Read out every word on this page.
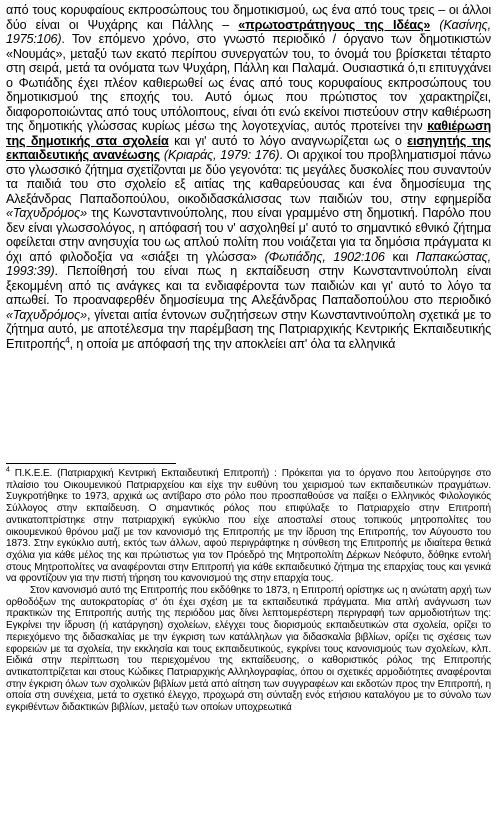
από τους κορυφαίους εκπροσώπους του δημοτικισμού, ως ένα από τους τρεις – οι άλλοι δύο είναι οι Ψυχάρης και Πάλλης – «πρωτοστράτηγους της Ιδέας» (Κασίνης, 1975:106). Τον επόμενο χρόνο, στο γνωστό περιοδικό / όργανο των δημοτικιστών «Νουμάς», μεταξύ των εκατό περίπου συνεργατών του, το όνομά του βρίσκεται τέταρτο στη σειρά, μετά τα ονόματα των Ψυχάρη, Πάλλη και Παλαμά. Ουσιαστικά ό,τι επιτυγχάνει ο Φωτιάδης έχει πλέον καθιερωθεί ως ένας από τους κορυφαίους εκπροσώπους του δημοτικισμού της εποχής του. Αυτό όμως που πρώτιστος τον χαρακτηρίζει, διαφοροποιώντας από τους υπόλοιπους, είναι ότι ενώ εκείνοι πιστεύουν στην καθιέρωση της δημοτικής γλώσσας κυρίως μέσω της λογοτεχνίας, αυτός προτείνει την καθιέρωση της δημοτικής στα σχολεία και γι' αυτό το λόγο αναγνωρίζεται ως ο εισηγητής της εκπαιδευτικής ανανέωσης (Κριαράς, 1979: 176). Οι αρχικοί του προβληματισμοί πάνω στο γλωσσικό ζήτημα σχετίζονται με δύο γεγονότα: τις μεγάλες δυσκολίες που συναντούν τα παιδιά του στο σχολείο εξ αιτίας της καθαρεύουσας και ένα δημοσίευμα της Αλεξάνδρας Παπαδοπούλου, οικοδιδασκάλισσας των παιδιών του, στην εφημερίδα «Ταχυδρόμος» της Κωνσταντινούπολης, που είναι γραμμένο στη δημοτική. Παρόλο που δεν είναι γλωσσολόγος, η απόφασή του ν' ασχοληθεί μ' αυτό το σημαντικό εθνικό ζήτημα οφείλεται στην ανησυχία του ως απλού πολίτη που νοιάζεται για τα δημόσια πράγματα κι όχι από φιλοδοξία να «σιάξει τη γλώσσα» (Φωτιάδης, 1902:106 και Παπακώστας, 1993:39). Πεποίθησή του είναι πως η εκπαίδευση στην Κωνσταντινούπολη είναι ξεκομμένη από τις ανάγκες και τα ενδιαφέροντα των παιδιών και γι' αυτό το λόγο τα απωθεί. Το προαναφερθέν δημοσίευμα της Αλεξάνδρας Παπαδοπούλου στο περιοδικό «Ταχυδρόμος», γίνεται αιτία έντονων συζητήσεων στην Κωνσταντινούπολη σχετικά με το ζήτημα αυτό, με αποτέλεσμα την παρέμβαση της Πατριαρχικής Κεντρικής Εκπαιδευτικής Επιτροπής$^4$, η οποία με απόφασή της την αποκλείει απ' όλα τα ελληνικά

$^4$ Π.Κ.Ε.Ε. (Πατριαρχική Κεντρική Εκπαιδευτική Επιτροπή) : Πρόκειται για το όργανο που λειτούργησε στο πλαίσιο του Οικουμενικού Πατριαρχείου και είχε την ευθύνη του χειρισμού των εκπαιδευτικών πραγμάτων. Συγκροτήθηκε το 1973, αρχικά ως αντίβαρο στο ρόλο που προσπαθούσε να παίξει ο Ελληνικός Φιλολογικός Σύλλογος στην εκπαίδευση. Ο σημαντικός ρόλος που επιφύλαξε το Πατριαρχείο στην Επιτροπή αντικατοπτρίστηκε στην πατριαρχική εγκύκλιο που είχε αποσταλεί στους τοπικούς μητροπολίτες του οικουμενικού θρόνου μαζί με τον κανονισμό της Επιτροπής με την ίδρυση της Επιτροπής, τον Αύγουστο του 1873. Στην εγκύκλιο αυτή, εκτός των άλλων, αφού περιγράφτηκε η σύνθεση της Επιτροπής με ιδιαίτερα θετικά σχόλια για κάθε μέλος της και πρώτιστως για τον Πρόεδρό της Μητροπολίτη Δέρκων Νεόφυτο, δόθηκε εντολή στους Μητροπολίτες να αναφέρονται στην Επιτροπή για κάθε εκπαιδευτικό ζήτημα της επαρχίας τους και γενικά να φροντίζουν για την πιστή τήρηση του κανονισμού της στην επαρχία τους.

Στον κανονισμό αυτό της Επιτροπής που εκδόθηκε το 1873, η Επιτροπή ορίστηκε ως η ανώτατη αρχή των ορθοδόξων της αυτοκρατορίας σ' ότι έχει σχέση με τα εκπαιδευτικά πράγματα. Μια απλή ανάγνωση των πρακτικών της Επιτροπής αυτής της περιόδου μας δίνει λεπτομερέστερη περιγραφή των αρμοδιοτήτων της: Εγκρίνει την ίδρυση (ή κατάργηση) σχολείων, ελέγχει τους διορισμούς εκπαιδευτικών στα σχολεία, ορίζει το περιεχόμενο της διδασκαλίας με την έγκριση των κατάλληλων για διδασκαλία βιβλίων, ορίζει τις σχέσεις των εφορειών με τα σχολεία, την εκκλησία και τους εκπαιδευτικούς, εγκρίνει τους κανονισμούς των σχολείων, κλπ. Ειδικά στην περίπτωση του περιεχομένου της εκπαίδευσης, ο καθοριστικός ρόλος της Επιτροπής αντικατοπτρίζεται και στους Κώδικες Πατριαρχικής Αλληλογραφίας, όπου οι σχετικές αρμοδιότητες αναφέρονται στην έγκριση όλων των σχολικών βιβλίων μετά από αίτηση των συγγραφέων και εκδοτών προς την Επιτροπή, η οποία στη συνέχεια, μετά το σχετικό έλεγχο, προχωρά στη σύνταξη ενός ετήσιου καταλόγου με το σύνολο των εγκριθέντων διδακτικών βιβλίων, μεταξύ των οποίων υποχρεωτικά
